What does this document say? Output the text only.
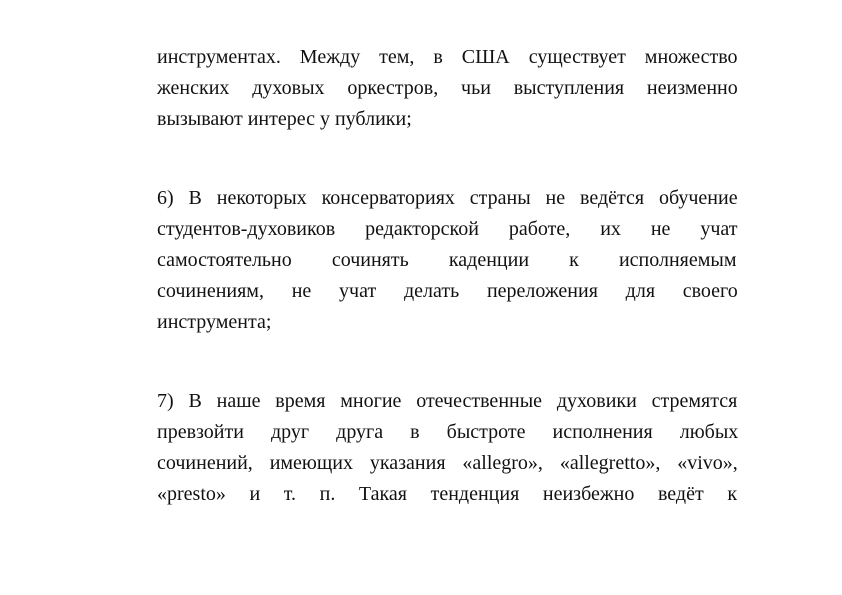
инструментах. Между тем, в США существует множество
женских духовых оркестров, чьи выступления неизменно
вызывают интерес у публики;
6) В некоторых консерваториях страны не ведётся обучение
студентов-духовиков редакторской работе, их не учат
самостоятельно сочинять каденции к исполняемым
сочинениям, не учат делать переложения для своего
инструмента;
7) В наше время многие отечественные духовики стремятся
превзойти друг друга в быстроте исполнения любых
сочинений, имеющих указания «allegro», «allegretto», «vivo»,
«presto» и т. п. Такая тенденция неизбежно ведёт к
